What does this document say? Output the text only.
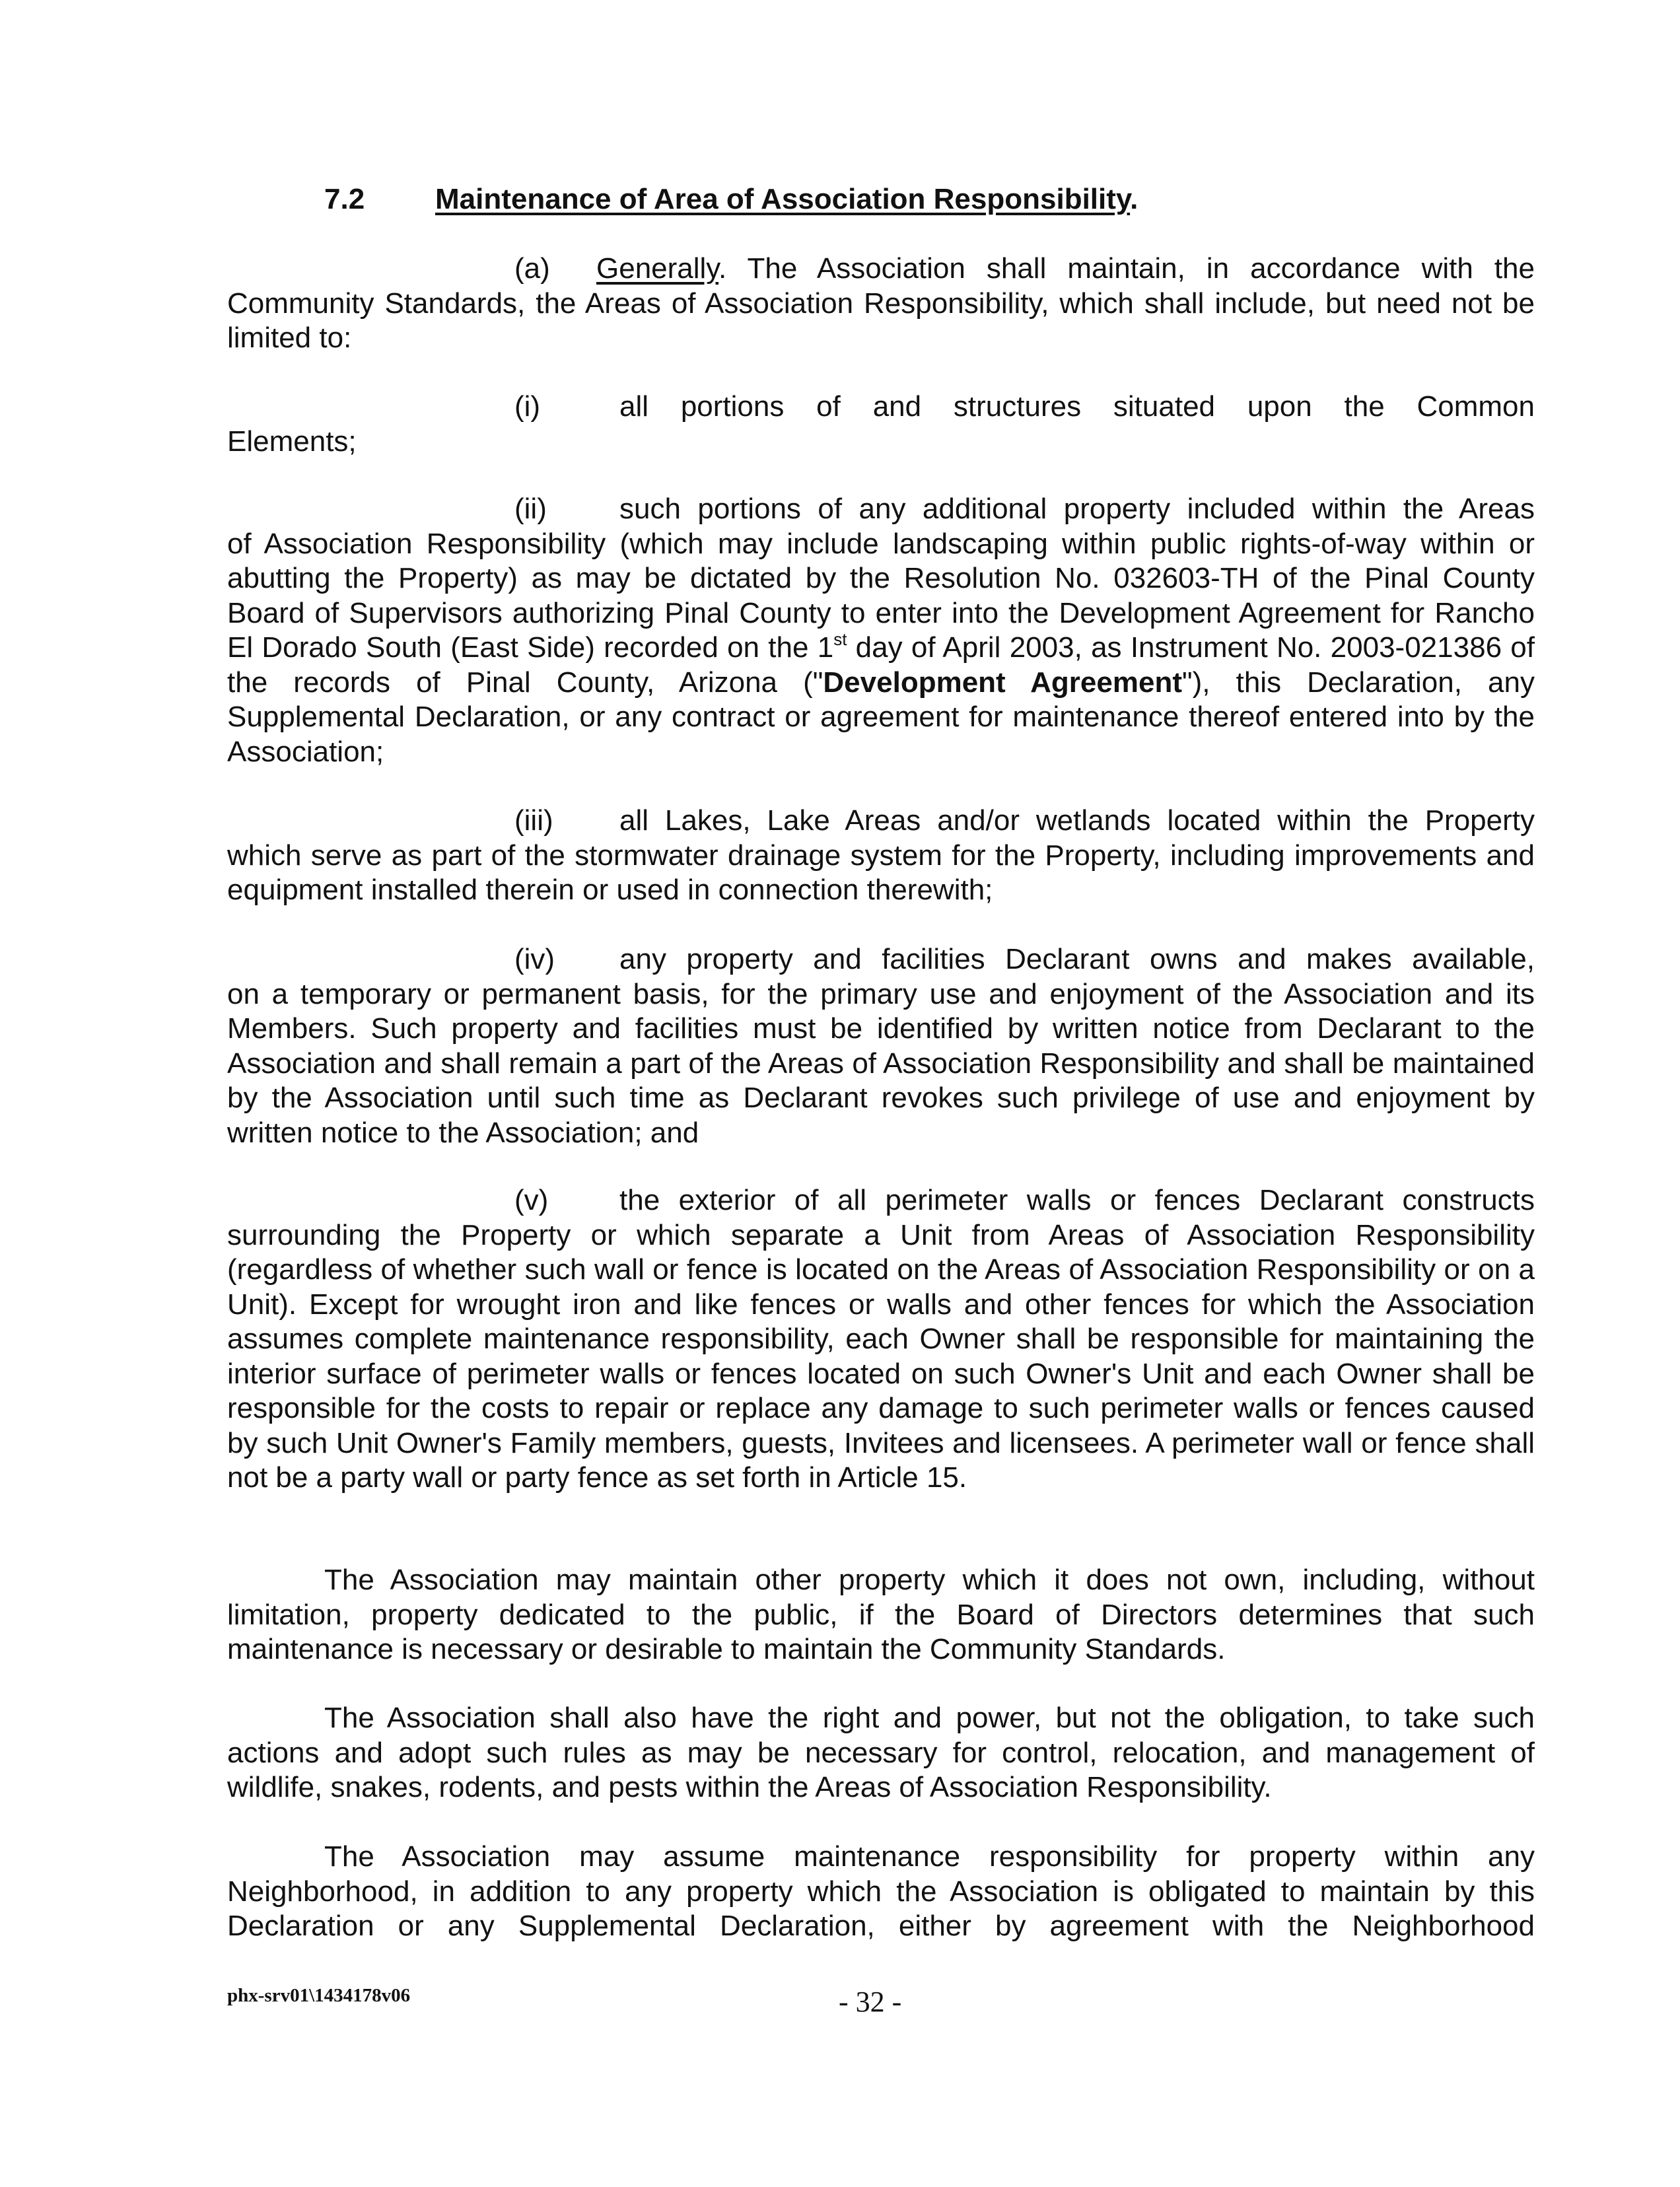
7.2 Maintenance of Area of Association Responsibility.
(a) Generally. The Association shall maintain, in accordance with the
Community Standards, the Areas of Association Responsibility, which shall include, but need not be limited to:
(i)	all portions of and structures situated upon the Common
Elements;
(ii)	such portions of any additional property included within the Areas
of Association Responsibility (which may include landscaping within public rights-of-way within or abutting the Property) as may be dictated by the Resolution No. 032603-TH of the Pinal County Board of Supervisors authorizing Pinal County to enter into the Development Agreement for Rancho El Dorado South (East Side) recorded on the 1st day of April 2003, as Instrument No. 2003-021386 of the records of Pinal County, Arizona ("Development Agreement"), this Declaration, any Supplemental Declaration, or any contract or agreement for maintenance thereof entered into by the Association;
(iii) all Lakes, Lake Areas and/or wetlands located within the Property
which serve as part of the stormwater drainage system for the Property, including improvements and equipment installed therein or used in connection therewith;
(iv) any property and facilities Declarant owns and makes available,
on a temporary or permanent basis, for the primary use and enjoyment of the Association and its Members. Such property and facilities must be identified by written notice from Declarant to the Association and shall remain a part of the Areas of Association Responsibility and shall be maintained by the Association until such time as Declarant revokes such privilege of use and enjoyment by written notice to the Association; and
(v) the exterior of all perimeter walls or fences Declarant constructs
surrounding the Property or which separate a Unit from Areas of Association Responsibility (regardless of whether such wall or fence is located on the Areas of Association Responsibility or on a Unit). Except for wrought iron and like fences or walls and other fences for which the Association assumes complete maintenance responsibility, each Owner shall be responsible for maintaining the interior surface of perimeter walls or fences located on such Owner's Unit and each Owner shall be responsible for the costs to repair or replace any damage to such perimeter walls or fences caused by such Unit Owner's Family members, guests, Invitees and licensees. A perimeter wall or fence shall not be a party wall or party fence as set forth in Article 15.
The Association may maintain other property which it does not own, including, without limitation, property dedicated to the public, if the Board of Directors determines that such maintenance is necessary or desirable to maintain the Community Standards.
The Association shall also have the right and power, but not the obligation, to take such actions and adopt such rules as may be necessary for control, relocation, and management of wildlife, snakes, rodents, and pests within the Areas of Association Responsibility.
The Association may assume maintenance responsibility for property within any Neighborhood, in addition to any property which the Association is obligated to maintain by this Declaration or any Supplemental Declaration, either by agreement with the Neighborhood
phx-srv01\1434178v06	- 32 -
